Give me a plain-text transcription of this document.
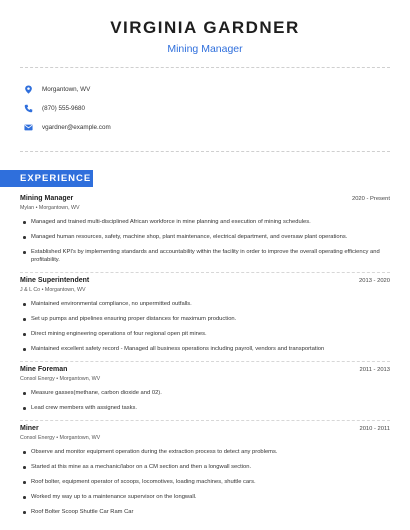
VIRGINIA GARDNER
Mining Manager
Morgantown, WV
(870) 555-9680
vgardner@example.com
EXPERIENCE
Mining Manager	2020 - Present
Mylan • Morgantown, WV
Managed and trained multi-disciplined African workforce in mine planning and execution of mining schedules.
Managed human resources, safety, machine shop, plant maintenance, electrical department, and oversaw plant operations.
Established KPI's by implementing standards and accountability within the facility in order to improve the overall operating efficiency and profitability.
Mine Superintendent	2013 - 2020
J & L Co • Morgantown, WV
Maintained environmental compliance, no unpermitted outfalls.
Set up pumps and pipelines ensuring proper distances for maximum production.
Direct mining engineering operations of four regional open pit mines.
Maintained excellent safety record - Managed all business operations including payroll, vendors and transportation
Mine Foreman	2011 - 2013
Consol Energy • Morgantown, WV
Measure gasses(methane, carbon dioxide and 02).
Lead crew members with assigned tasks.
Miner	2010 - 2011
Consol Energy • Morgantown, WV
Observe and monitor equipment operation during the extraction process to detect any problems.
Started at this mine as a mechanic/labor on a CM section and then a longwall section.
Roof bolter, equipment operator of scoops, locomotives, loading machines, shuttle cars.
Worked my way up to a maintenance supervisor on the longwall.
Roof Bolter Scoop Shuttle Car Ram Car
